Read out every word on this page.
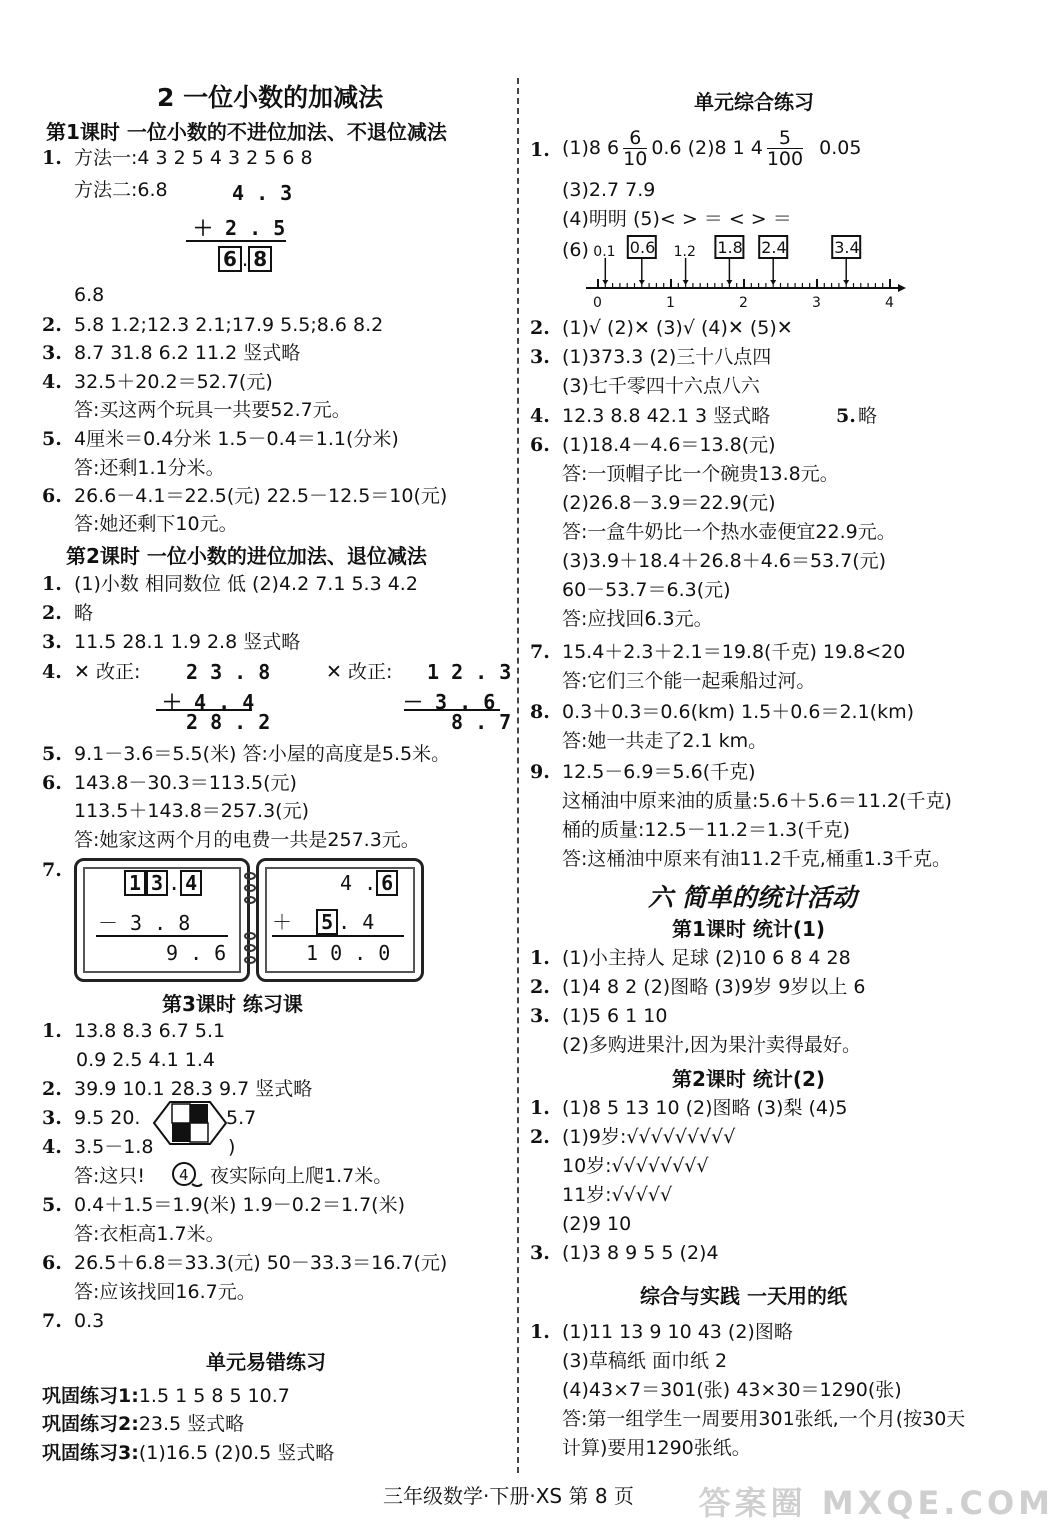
2 一位小数的加减法
第1课时 一位小数的不进位加法、不退位减法
1. 方法一:4 3 2 5 4 3 2 5 6 8
方法二:6.8	4 . 3
＋ 2 . 5
6 . 8
6.8
2. 5.8 1.2;12.3 2.1;17.9 5.5;8.6 8.2
3. 8.7 31.8 6.2 11.2 竖式略
4. 32.5＋20.2＝52.7(元)
答:买这两个玩具一共要52.7元。
5. 4厘米＝0.4分米 1.5－0.4＝1.1(分米)
答:还剩1.1分米。
6. 26.6－4.1＝22.5(元) 22.5－12.5＝10(元)
答:她还剩下10元。
第2课时 一位小数的进位加法、退位减法
1. (1)小数 相同数位 低 (2)4.2 7.1 5.3 4.2
2. 略
3. 11.5 28.1 1.9 2.8 竖式略
4. ✕ 改正: 2 3 . 8
＋ 4 . 4
2 8 . 2
✕ 改正: 1 2 . 3
－ 3 . 6
8 . 7
5. 9.1－3.6＝5.5(米) 答:小屋的高度是5.5米。
6. 143.8－30.3＝113.5(元)
113.5＋143.8＝257.3(元)
答:她家这两个月的电费一共是257.3元。
7.
1 3 . 4
－ 3 . 8
9 . 6
4 . 6
＋ 5 . 4
1 0 . 0
第3课时 练习课
1. 13.8 8.3 6.7 5.1
0.9 2.5 4.1 1.4
2. 39.9 10.1 28.3 9.7 竖式略
3. 9.5 20.	5.7
4. 3.5－1.8	)
答:这只! 4 夜实际向上爬1.7米。
5. 0.4＋1.5＝1.9(米) 1.9－0.2＝1.7(米)
答:衣柜高1.7米。
6. 26.5＋6.8＝33.3(元) 50－33.3＝16.7(元)
答:应该找回16.7元。
7. 0.3
单元易错练习
巩固练习1:1.5 1 5 8 5 10.7
巩固练习2:23.5 竖式略
巩固练习3:(1)16.5 (2)0.5 竖式略
单元综合练习
1. (1)8 $6 \frac{6}{10} 0.6$ (2)8 1 $4 \frac{5}{100} 0.05$
(3)2.7 7.9
(4)明明 (5)< > ＝ < > ＝
(6)
0	1	2	3	4
0.1 0.6 1.2 1.8 2.4	3.4
2. (1)√ (2)✕ (3)√ (4)✕ (5)✕
3. (1)373.3 (2)三十八点四
(3)七千零四十六点八六
4. 12.3 8.8 42.1 3 竖式略	5. 略
6. (1)18.4－4.6＝13.8(元)
答:一顶帽子比一个碗贵13.8元。
(2)26.8－3.9＝22.9(元)
答:一盒牛奶比一个热水壶便宜22.9元。
(3)3.9＋18.4＋26.8＋4.6＝53.7(元)
60－53.7＝6.3(元)
答:应找回6.3元。
7. 15.4＋2.3＋2.1＝19.8(千克) 19.8<20
答:它们三个能一起乘船过河。
8. 0.3＋0.3＝0.6(km) 1.5＋0.6＝2.1(km)
答:她一共走了2.1 km。
9. 12.5－6.9＝5.6(千克)
这桶油中原来油的质量:5.6＋5.6＝11.2(千克)
桶的质量:12.5－11.2＝1.3(千克)
答:这桶油中原来有油11.2千克,桶重1.3千克。
六 简单的统计活动
第1课时 统计(1)
1. (1)小主持人 足球 (2)10 6 8 4 28
2. (1)4 8 2 (2)图略 (3)9岁 9岁以上 6
3. (1)5 6 1 10
(2)多购进果汁,因为果汁卖得最好。
第2课时 统计(2)
1. (1)8 5 13 10 (2)图略 (3)梨 (4)5
2. (1)9岁:√√√√√√√√√
10岁:√√√√√√√√
11岁:√√√√√
(2)9 10
3. (1)3 8 9 5 5 (2)4
综合与实践 一天用的纸
1. (1)11 13 9 10 43 (2)图略
(3)草稿纸 面巾纸 2
(4)43×7＝301(张) 43×30＝1290(张)
答:第一组学生一周要用301张纸,一个月(按30天
计算)要用1290张纸。
三年级数学·下册·XS 第 8 页 答案圈 MXQE.COM
